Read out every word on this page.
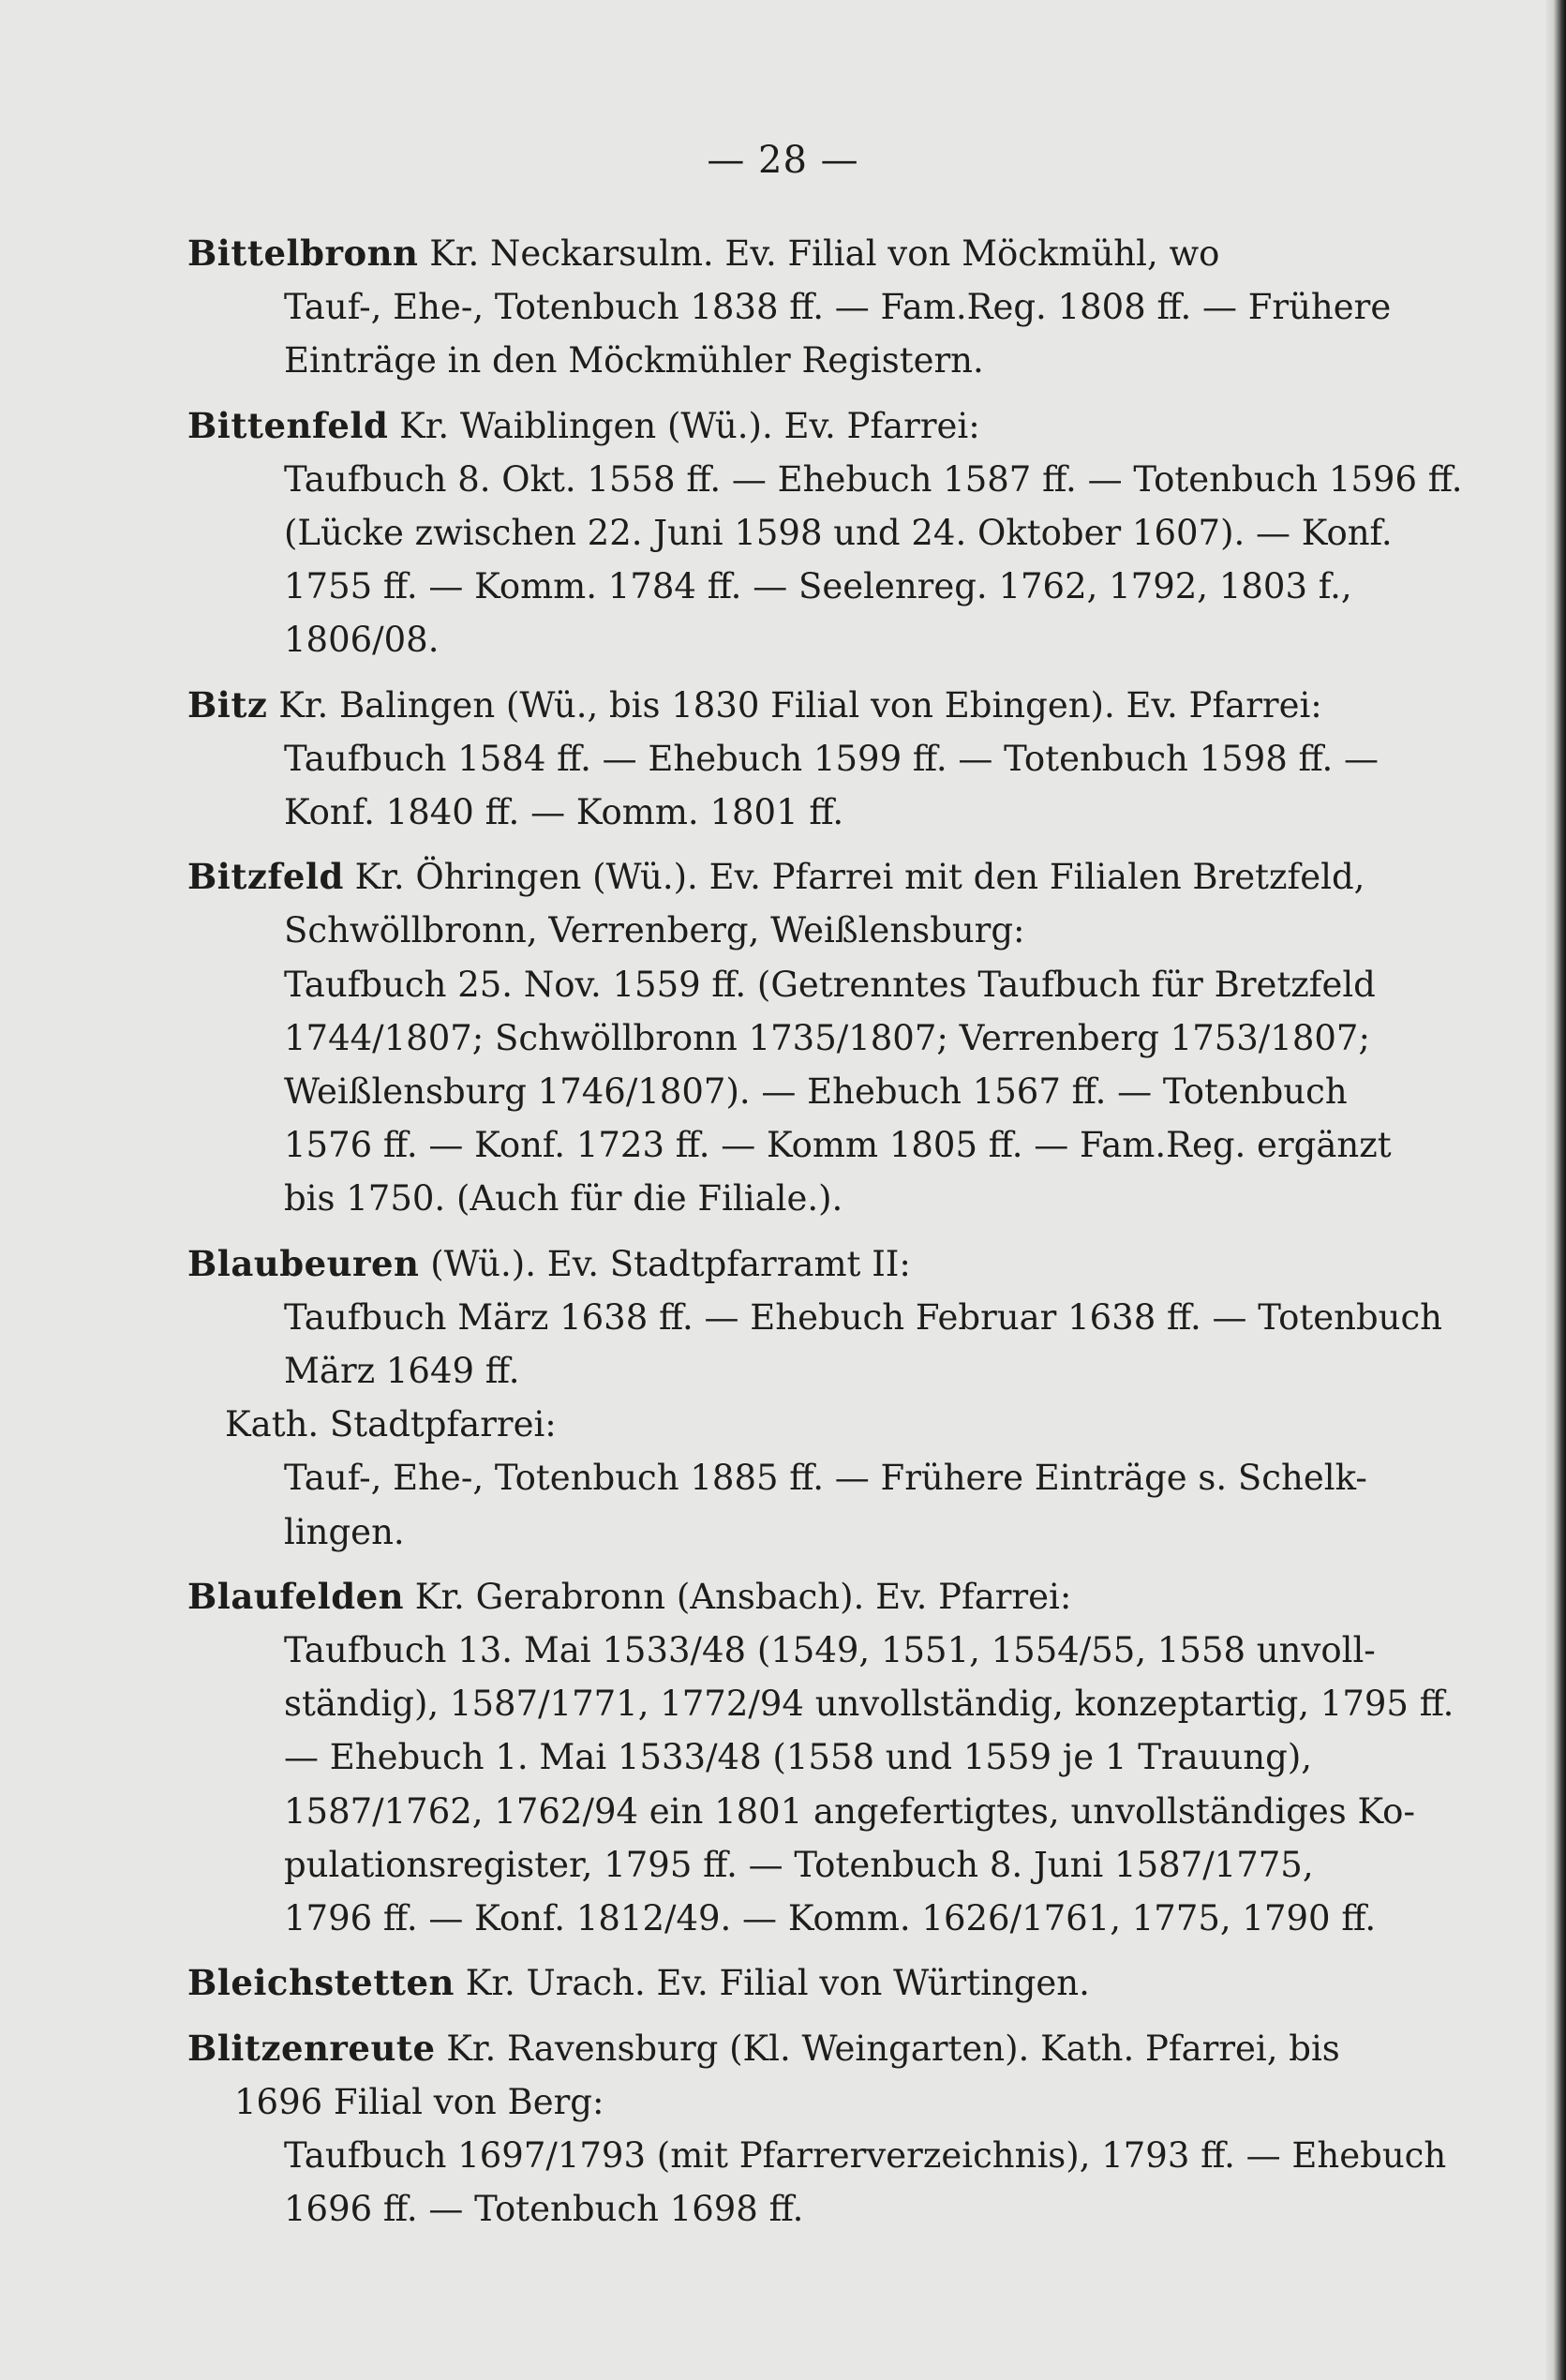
— 28 —
Bittelbronn Kr. Neckarsulm. Ev. Filial von Möckmühl, wo
Tauf-, Ehe-, Totenbuch 1838 ff. — Fam.Reg. 1808 ff. — Frühere
Einträge in den Möckmühler Registern.
Bittenfeld Kr. Waiblingen (Wü.). Ev. Pfarrei:
Taufbuch 8. Okt. 1558 ff. — Ehebuch 1587 ff. — Totenbuch 1596 ff.
(Lücke zwischen 22. Juni 1598 und 24. Oktober 1607). — Konf.
1755 ff. — Komm. 1784 ff. — Seelenreg. 1762, 1792, 1803 f.,
1806/08.
Bitz Kr. Balingen (Wü., bis 1830 Filial von Ebingen). Ev. Pfarrei:
Taufbuch 1584 ff. — Ehebuch 1599 ff. — Totenbuch 1598 ff. —
Konf. 1840 ff. — Komm. 1801 ff.
Bitzfeld Kr. Öhringen (Wü.). Ev. Pfarrei mit den Filialen Bretzfeld,
Schwöllbronn, Verrenberg, Weißlensburg:
Taufbuch 25. Nov. 1559 ff. (Getrenntes Taufbuch für Bretzfeld
1744/1807; Schwöllbronn 1735/1807; Verrenberg 1753/1807;
Weißlensburg 1746/1807). — Ehebuch 1567 ff. — Totenbuch
1576 ff. — Konf. 1723 ff. — Komm 1805 ff. — Fam.Reg. ergänzt
bis 1750. (Auch für die Filiale.).
Blaubeuren (Wü.). Ev. Stadtpfarramt II:
Taufbuch März 1638 ff. — Ehebuch Februar 1638 ff. — Totenbuch
März 1649 ff.
Kath. Stadtpfarrei:
Tauf-, Ehe-, Totenbuch 1885 ff. — Frühere Einträge s. Schelk-
lingen.
Blaufelden Kr. Gerabronn (Ansbach). Ev. Pfarrei:
Taufbuch 13. Mai 1533/48 (1549, 1551, 1554/55, 1558 unvoll-
ständig), 1587/1771, 1772/94 unvollständig, konzeptartig, 1795 ff.
— Ehebuch 1. Mai 1533/48 (1558 und 1559 je 1 Trauung),
1587/1762, 1762/94 ein 1801 angefertigtes, unvollständiges Ko-
pulationsregister, 1795 ff. — Totenbuch 8. Juni 1587/1775,
1796 ff. — Konf. 1812/49. — Komm. 1626/1761, 1775, 1790 ff.
Bleichstetten Kr. Urach. Ev. Filial von Würtingen.
Blitzenreute Kr. Ravensburg (Kl. Weingarten). Kath. Pfarrei, bis
1696 Filial von Berg:
Taufbuch 1697/1793 (mit Pfarrerverzeichnis), 1793 ff. — Ehebuch
1696 ff. — Totenbuch 1698 ff.
